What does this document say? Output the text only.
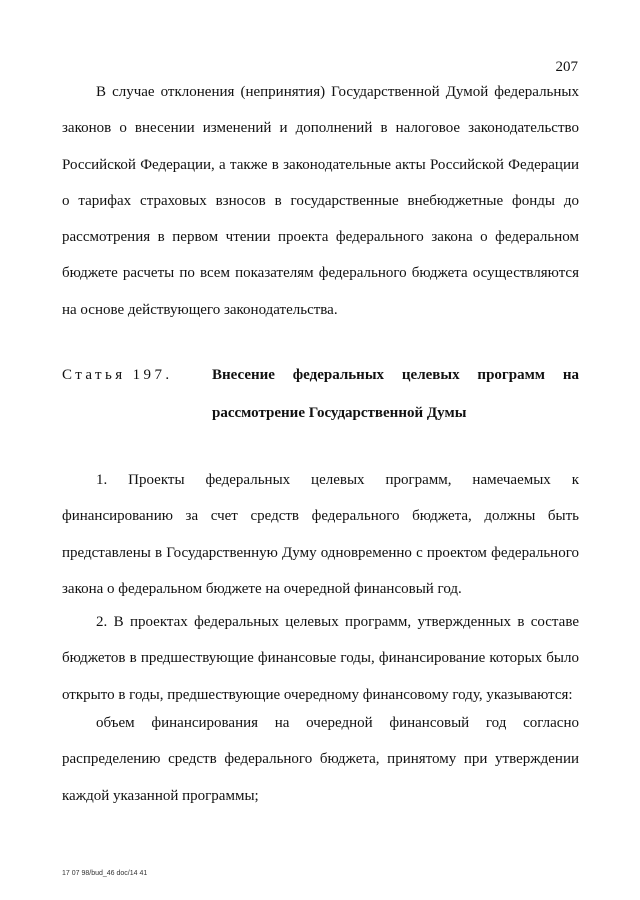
207

В случае отклонения (непринятия) Государственной Думой федеральных законов о внесении изменений и дополнений в налоговое законодательство Российской Федерации, а также в законодательные акты Российской Федерации о тарифах страховых взносов в государственные внебюджетные фонды до рассмотрения в первом чтении проекта федерального закона о федеральном бюджете расчеты по всем показателям федерального бюджета осуществляются на основе действующего законодательства.

Статья 197.	Внесение федеральных целевых программ на
рассмотрение Государственной Думы

1. Проекты федеральных целевых программ, намечаемых к финансированию за счет средств федерального бюджета, должны быть представлены в Государственную Думу одновременно с проектом федерального закона о федеральном бюджете на очередной финансовый год.

2. В проектах федеральных целевых программ, утвержденных в составе бюджетов в предшествующие финансовые годы, финансирование которых было открыто в годы, предшествующие очередному финансовому году, указываются:

объем финансирования на очередной финансовый год согласно распределению средств федерального бюджета, принятому при утверждении каждой указанной программы;

17 07 98/bud_46 doc/14 41
